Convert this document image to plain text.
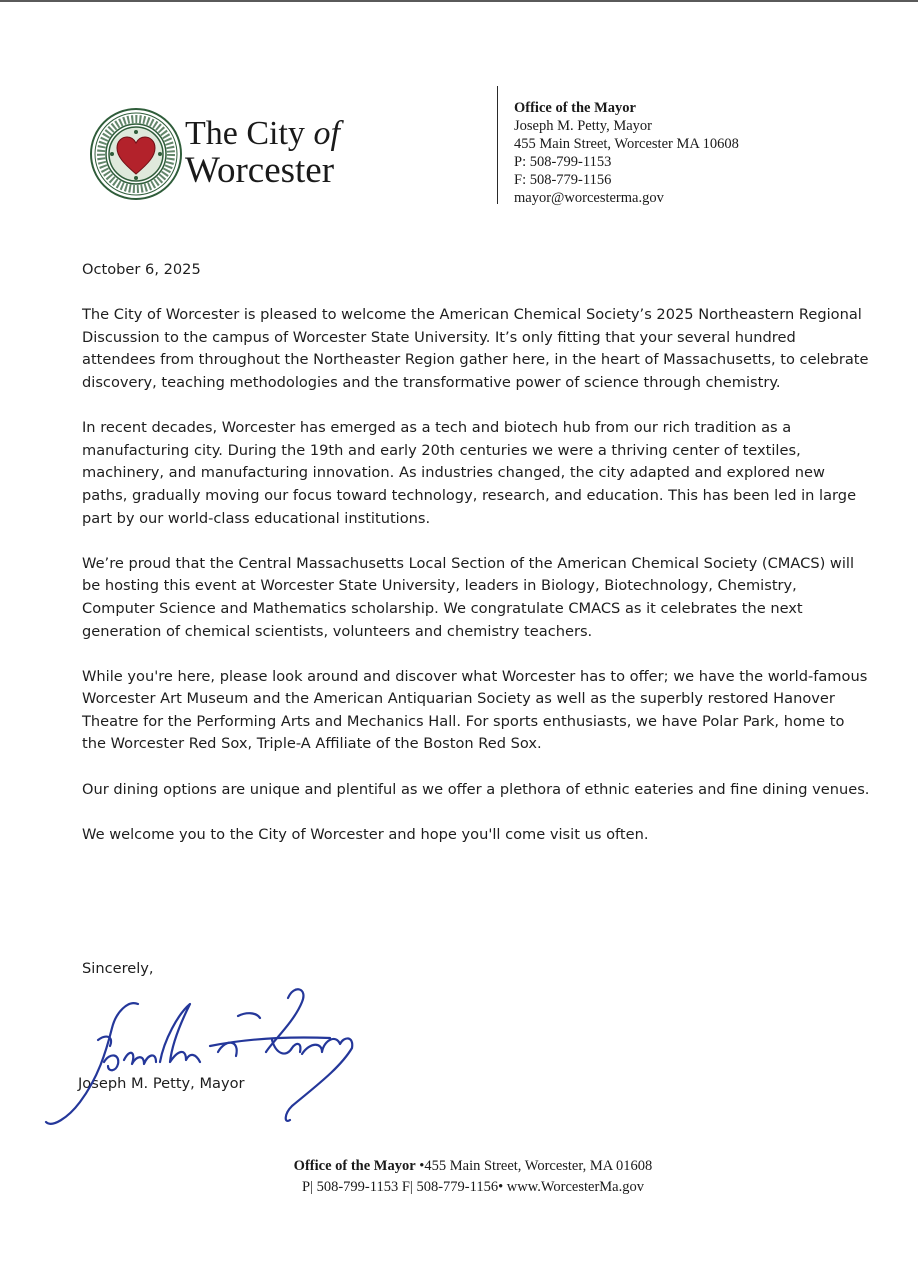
The City of
Worcester
Office of the Mayor
Joseph M. Petty, Mayor
455 Main Street, Worcester MA 10608
P: 508-799-1153
F: 508-779-1156
mayor@worcesterma.gov
October 6, 2025

The City of Worcester is pleased to welcome the American Chemical Society’s 2025 Northeastern Regional Discussion to the campus of Worcester State University. It’s only fitting that your several hundred attendees from throughout the Northeaster Region gather here, in the heart of Massachusetts, to celebrate discovery, teaching methodologies and the transformative power of science through chemistry.

In recent decades, Worcester has emerged as a tech and biotech hub from our rich tradition as a manufacturing city. During the 19th and early 20th centuries we were a thriving center of textiles, machinery, and manufacturing innovation. As industries changed, the city adapted and explored new paths, gradually moving our focus toward technology, research, and education. This has been led in large part by our world-class educational institutions.

We’re proud that the Central Massachusetts Local Section of the American Chemical Society (CMACS) will be hosting this event at Worcester State University, leaders in Biology, Biotechnology, Chemistry, Computer Science and Mathematics scholarship. We congratulate CMACS as it celebrates the next generation of chemical scientists, volunteers and chemistry teachers.

While you're here, please look around and discover what Worcester has to offer; we have the world-famous Worcester Art Museum and the American Antiquarian Society as well as the superbly restored Hanover Theatre for the Performing Arts and Mechanics Hall. For sports enthusiasts, we have Polar Park, home to the Worcester Red Sox, Triple-A Affiliate of the Boston Red Sox.

Our dining options are unique and plentiful as we offer a plethora of ethnic eateries and fine dining venues.

We welcome you to the City of Worcester and hope you'll come visit us often.

Sincerely,
Joseph M. Petty, Mayor
Office of the Mayor •455 Main Street, Worcester, MA 01608
P| 508-799-1153 F| 508-779-1156• www.WorcesterMa.gov
